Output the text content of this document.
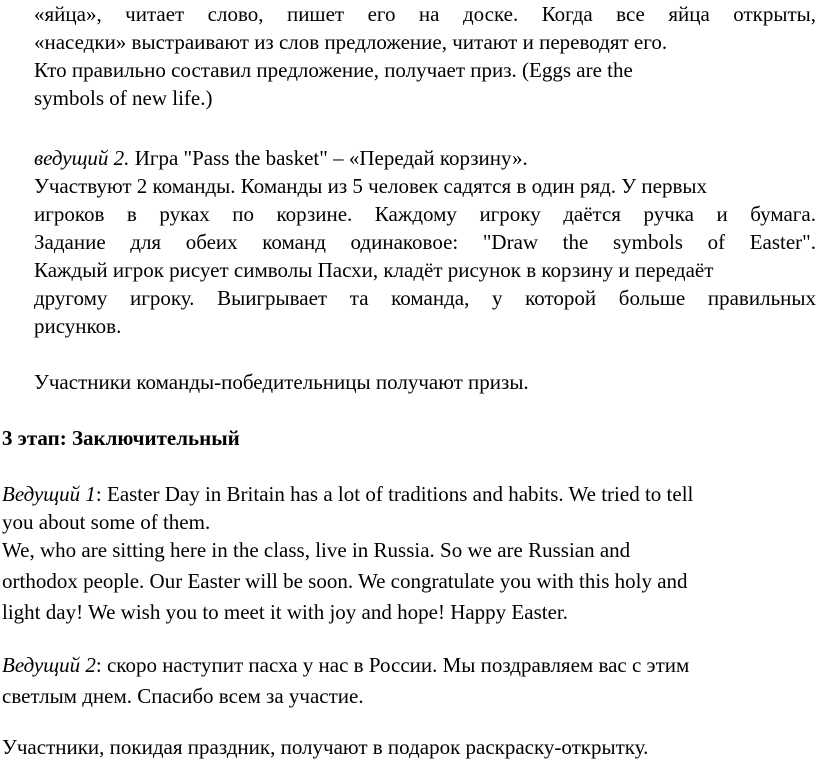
«яйца», читает слово, пишет его на доске. Когда все яйца открыты,
«наседки» выстраивают из слов предложение, читают и переводят его.
Кто правильно составил предложение, получает приз. (Eggs are the
symbols of new life.)
ведущий 2. Игра "Pass the basket" – «Передай корзину».
Участвуют 2 команды. Команды из 5 человек садятся в один ряд. У первых
игроков в руках по корзине. Каждому игроку даётся ручка и бумага.
Задание для обеих команд одинаковое: "Draw the symbols of Easter".
Каждый игрок рисует символы Пасхи, кладёт рисунок в корзину и передаёт
другому игроку. Выигрывает та команда, у которой больше правильных
рисунков.
Участники команды-победительницы получают призы.
3 этап: Заключительный
Ведущий 1: Easter Day in Britain has a lot of traditions and habits. We tried to tell
you about some of them.
We, who are sitting here in the class, live in Russia. So we are Russian and
orthodox people. Our Easter will be soon. We congratulate you with this holy and
light day! We wish you to meet it with joy and hope! Happy Easter.
Ведущий 2: скоро наступит пасха у нас в России. Мы поздравляем вас с этим
светлым днем. Спасибо всем за участие.
Участники, покидая праздник, получают в подарок раскраску-открытку.
